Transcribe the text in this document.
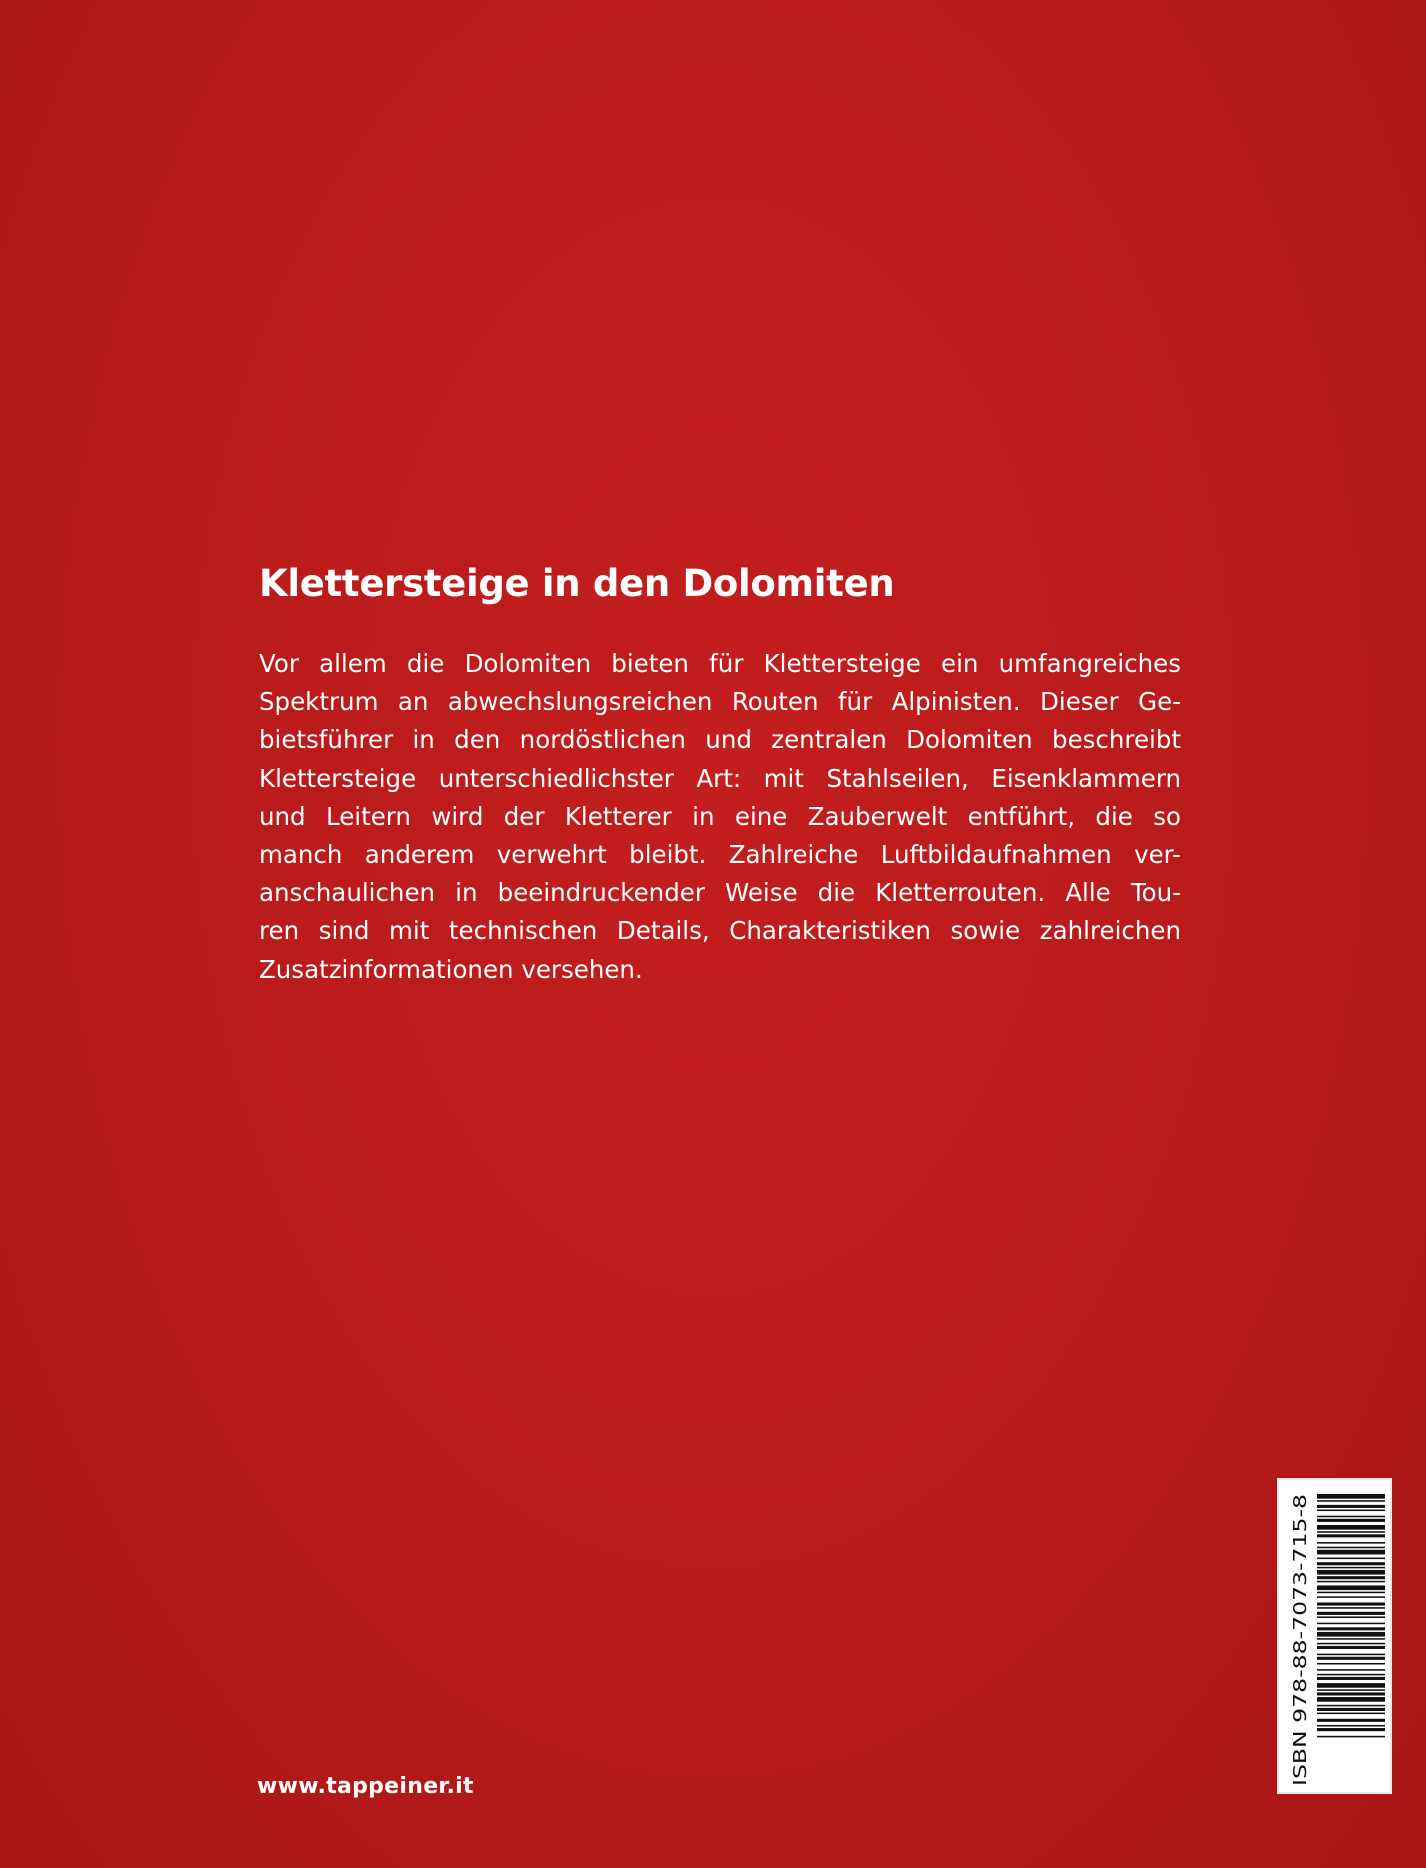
Klettersteige in den Dolomiten
Vor allem die Dolomiten bieten für Klettersteige ein umfangreiches
Spektrum an abwechslungsreichen Routen für Alpinisten. Dieser Ge-
bietsführer in den nordöstlichen und zentralen Dolomiten beschreibt
Klettersteige unterschiedlichster Art: mit Stahlseilen, Eisenklammern
und Leitern wird der Kletterer in eine Zauberwelt entführt, die so
manch anderem verwehrt bleibt. Zahlreiche Luftbildaufnahmen ver-
anschaulichen in beeindruckender Weise die Kletterrouten. Alle Tou-
ren sind mit technischen Details, Charakteristiken sowie zahlreichen
Zusatzinformationen versehen.
www.tappeiner.it
ISBN 978-88-7073-715-8
